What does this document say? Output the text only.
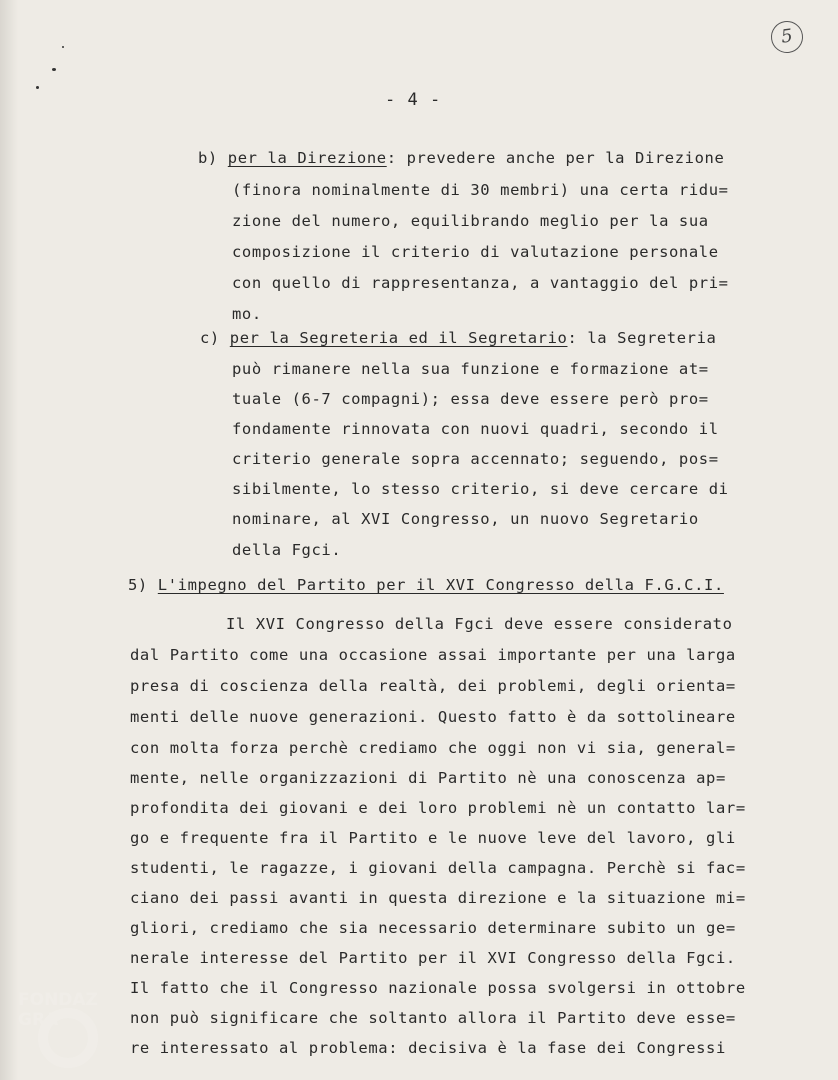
5
- 4 -
b) per la Direzione: prevedere anche per la Direzione
(finora nominalmente di 30 membri) una certa ridu=
zione del numero, equilibrando meglio per la sua
composizione il criterio di valutazione personale
con quello di rappresentanza, a vantaggio del pri=
mo.
c) per la Segreteria ed il Segretario: la Segreteria
può rimanere nella sua funzione e formazione at=
tuale (6-7 compagni); essa deve essere però pro=
fondamente rinnovata con nuovi quadri, secondo il
criterio generale sopra accennato; seguendo, pos=
sibilmente, lo stesso criterio, si deve cercare di
nominare, al XVI Congresso, un nuovo Segretario
della Fgci.
5) L'impegno del Partito per il XVI Congresso della F.G.C.I.
Il XVI Congresso della Fgci deve essere considerato
dal Partito come una occasione assai importante per una larga
presa di coscienza della realtà, dei problemi, degli orienta=
menti delle nuove generazioni. Questo fatto è da sottolineare
con molta forza perchè crediamo che oggi non vi sia, general=
mente, nelle organizzazioni di Partito nè una conoscenza ap=
profondita dei giovani e dei loro problemi nè un contatto lar=
go e frequente fra il Partito e le nuove leve del lavoro, gli
studenti, le ragazze, i giovani della campagna. Perchè si fac=
ciano dei passi avanti in questa direzione e la situazione mi=
gliori, crediamo che sia necessario determinare subito un ge=
nerale interesse del Partito per il XVI Congresso della Fgci.
Il fatto che il Congresso nazionale possa svolgersi in ottobre
non può significare che soltanto allora il Partito deve esse=
re interessato al problema: decisiva è la fase dei Congressi
FONDAZ GRA
